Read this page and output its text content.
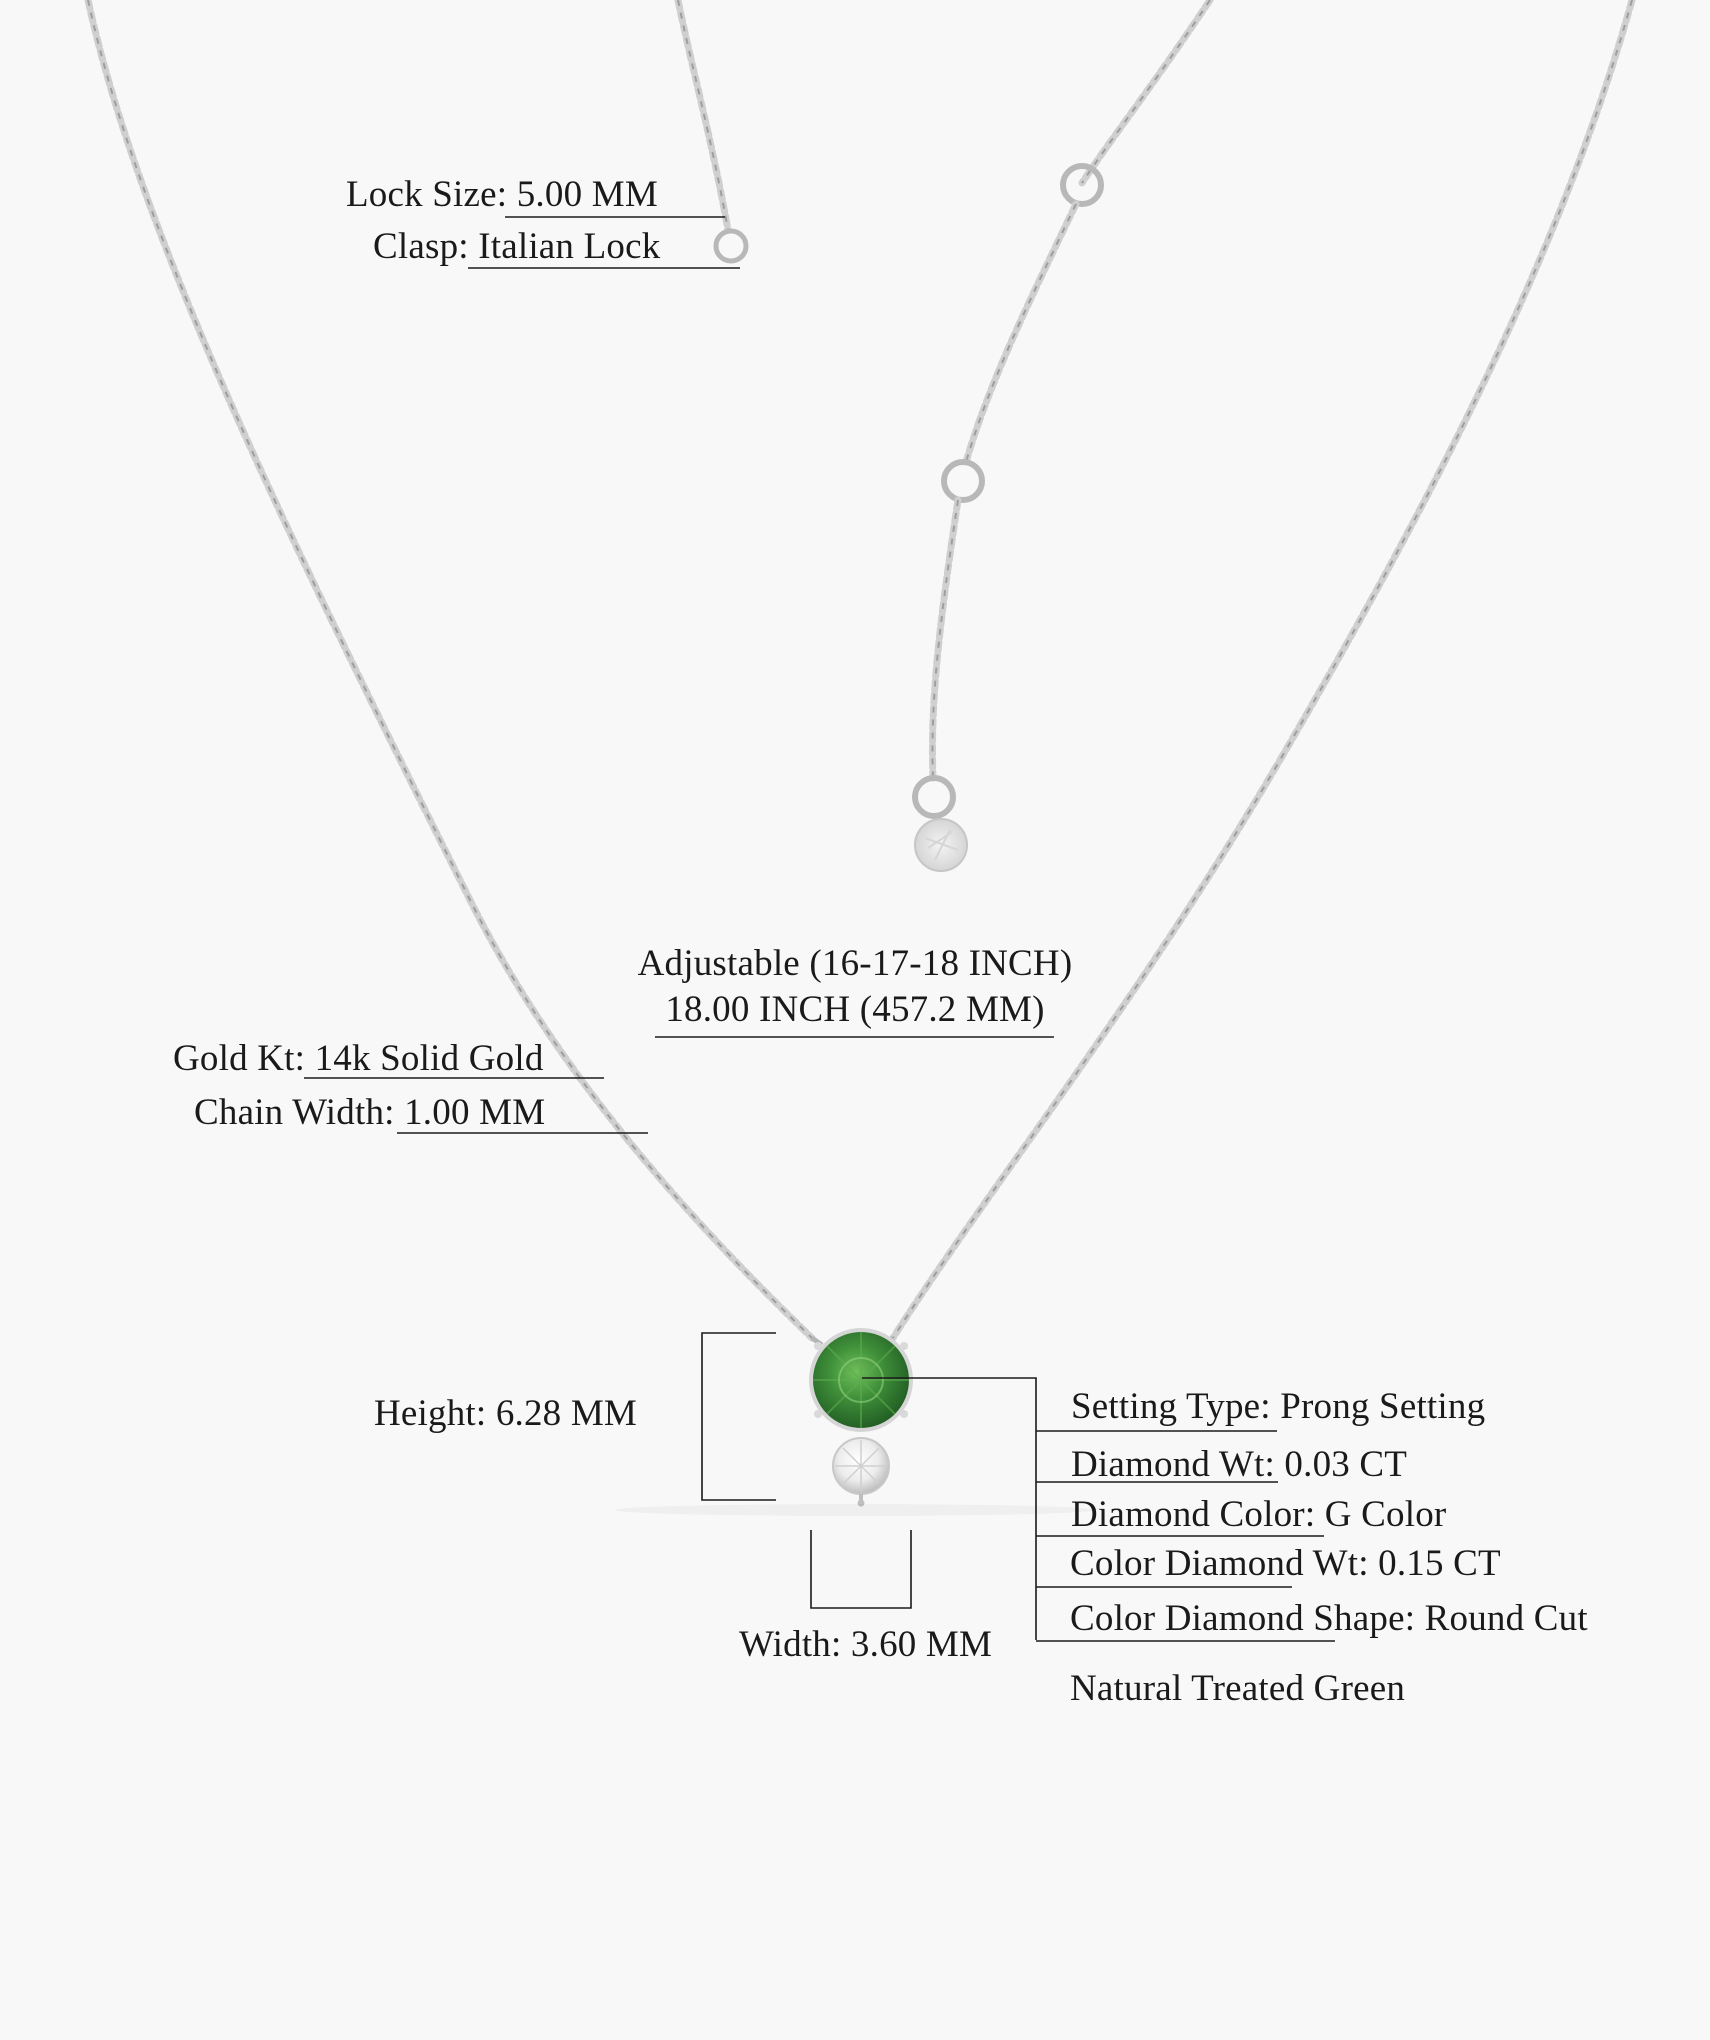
Lock Size: 5.00 MM
Clasp: Italian Lock
Adjustable (16-17-18 INCH)
18.00 INCH (457.2 MM)
Gold Kt: 14k Solid Gold
Chain Width: 1.00 MM
Height: 6.28 MM
Width: 3.60 MM
Setting Type: Prong Setting
Diamond Wt: 0.03 CT
Diamond Color: G Color
Color Diamond Wt: 0.15 CT
Color Diamond Shape: Round Cut
Natural Treated Green
